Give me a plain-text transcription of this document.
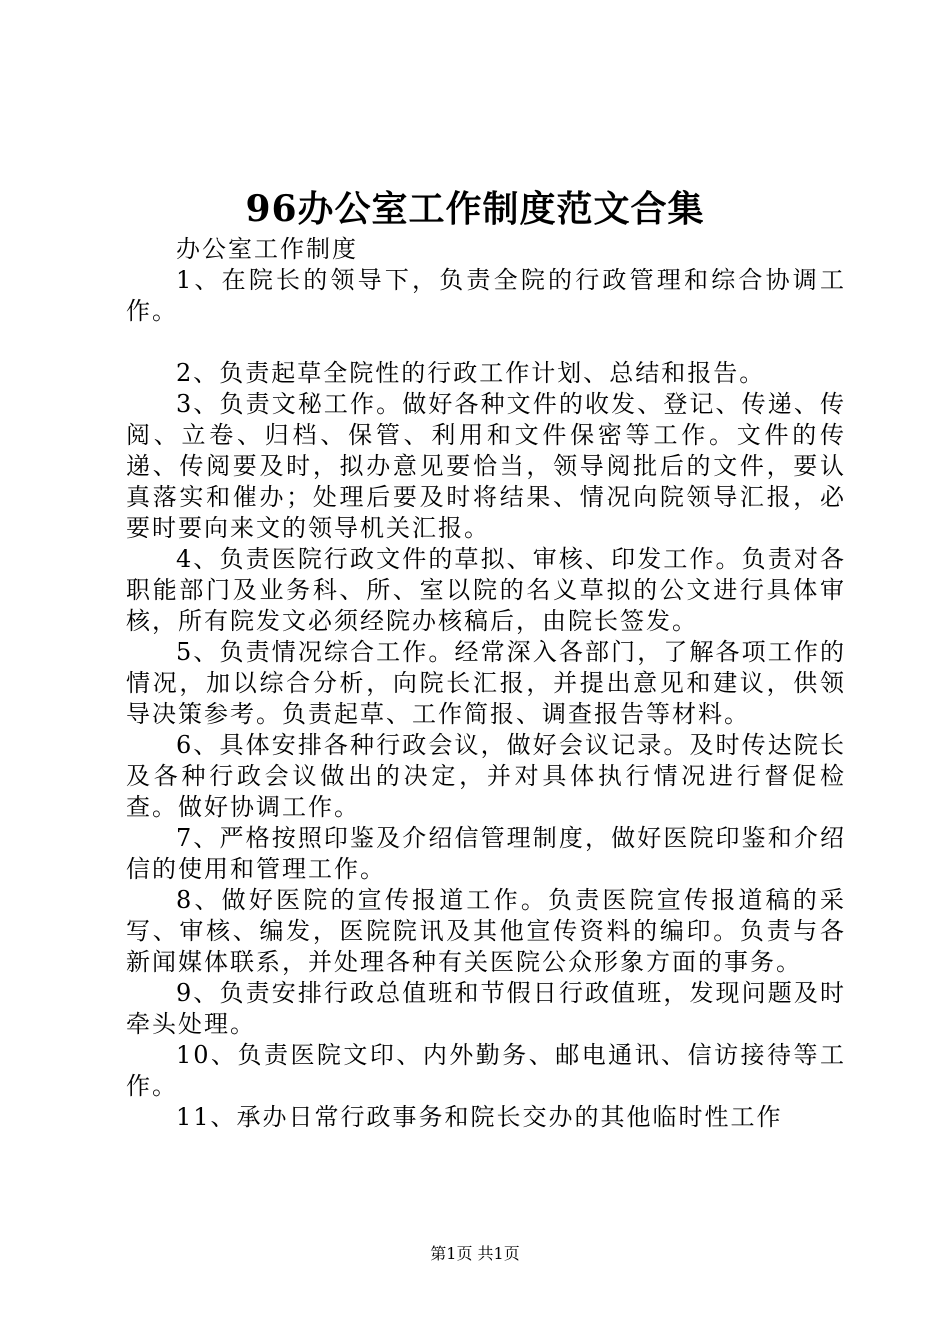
96办公室工作制度范文合集

办公室工作制度

1、在院长的领导下，负责全院的行政管理和综合协调工作。

2、负责起草全院性的行政工作计划、总结和报告。

3、负责文秘工作。做好各种文件的收发、登记、传递、传阅、立卷、归档、保管、利用和文件保密等工作。文件的传递、传阅要及时，拟办意见要恰当，领导阅批后的文件，要认真落实和催办；处理后要及时将结果、情况向院领导汇报，必要时要向来文的领导机关汇报。

4、负责医院行政文件的草拟、审核、印发工作。负责对各职能部门及业务科、所、室以院的名义草拟的公文进行具体审核，所有院发文必须经院办核稿后，由院长签发。

5、负责情况综合工作。经常深入各部门，了解各项工作的情况，加以综合分析，向院长汇报，并提出意见和建议，供领导决策参考。负责起草、工作简报、调查报告等材料。

6、具体安排各种行政会议，做好会议记录。及时传达院长及各种行政会议做出的决定，并对具体执行情况进行督促检查。做好协调工作。

7、严格按照印鉴及介绍信管理制度，做好医院印鉴和介绍信的使用和管理工作。

8、做好医院的宣传报道工作。负责医院宣传报道稿的采写、审核、编发，医院院讯及其他宣传资料的编印。负责与各新闻媒体联系，并处理各种有关医院公众形象方面的事务。

9、负责安排行政总值班和节假日行政值班，发现问题及时牵头处理。

10、负责医院文印、内外勤务、邮电通讯、信访接待等工作。

11、承办日常行政事务和院长交办的其他临时性工作

第1页 共1页
